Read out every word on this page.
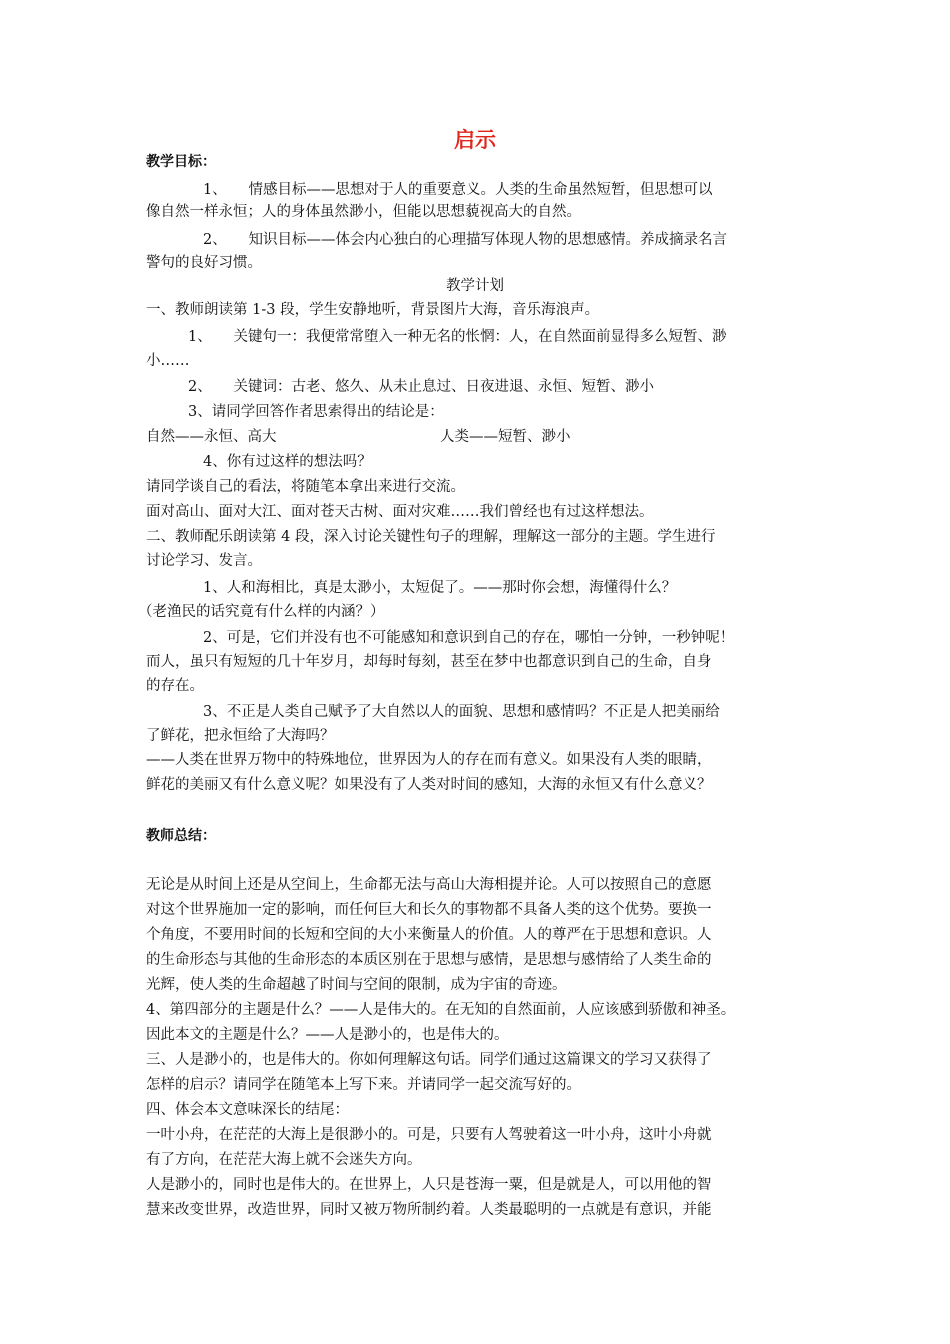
启示
教学目标：
1、　　情感目标——思想对于人的重要意义。人类的生命虽然短暂，但思想可以
像自然一样永恒；人的身体虽然渺小，但能以思想藐视高大的自然。
2、　　知识目标——体会内心独白的心理描写体现人物的思想感情。养成摘录名言
警句的良好习惯。
教学计划
一、教师朗读第 1-3 段，学生安静地听，背景图片大海，音乐海浪声。
1、　　关键句一：我便常常堕入一种无名的怅惘：人，在自然面前显得多么短暂、渺
小……
2、　　关键词：古老、悠久、从未止息过、日夜进退、永恒、短暂、渺小
3、请同学回答作者思索得出的结论是：
自然——永恒、高大	人类——短暂、渺小
4、你有过这样的想法吗？
请同学谈自己的看法，将随笔本拿出来进行交流。
面对高山、面对大江、面对苍天古树、面对灾难……我们曾经也有过这样想法。
二、教师配乐朗读第 4 段，深入讨论关键性句子的理解，理解这一部分的主题。学生进行
讨论学习、发言。
1、人和海相比，真是太渺小，太短促了。——那时你会想，海懂得什么？
（老渔民的话究竟有什么样的内涵？）
2、可是，它们并没有也不可能感知和意识到自己的存在，哪怕一分钟，一秒钟呢！
而人，虽只有短短的几十年岁月，却每时每刻，甚至在梦中也都意识到自己的生命，自身
的存在。
3、不正是人类自己赋予了大自然以人的面貌、思想和感情吗？不正是人把美丽给
了鲜花，把永恒给了大海吗？
——人类在世界万物中的特殊地位，世界因为人的存在而有意义。如果没有人类的眼睛，
鲜花的美丽又有什么意义呢？如果没有了人类对时间的感知，大海的永恒又有什么意义？
教师总结：
无论是从时间上还是从空间上，生命都无法与高山大海相提并论。人可以按照自己的意愿
对这个世界施加一定的影响，而任何巨大和长久的事物都不具备人类的这个优势。要换一
个角度，不要用时间的长短和空间的大小来衡量人的价值。人的尊严在于思想和意识。人
的生命形态与其他的生命形态的本质区别在于思想与感情，是思想与感情给了人类生命的
光辉，使人类的生命超越了时间与空间的限制，成为宇宙的奇迹。
4、第四部分的主题是什么？——人是伟大的。在无知的自然面前，人应该感到骄傲和神圣。
因此本文的主题是什么？——人是渺小的，也是伟大的。
三、人是渺小的，也是伟大的。你如何理解这句话。同学们通过这篇课文的学习又获得了
怎样的启示？请同学在随笔本上写下来。并请同学一起交流写好的。
四、体会本文意味深长的结尾：
一叶小舟，在茫茫的大海上是很渺小的。可是，只要有人驾驶着这一叶小舟，这叶小舟就
有了方向，在茫茫大海上就不会迷失方向。
人是渺小的，同时也是伟大的。在世界上，人只是苍海一粟，但是就是人，可以用他的智
慧来改变世界，改造世界，同时又被万物所制约着。人类最聪明的一点就是有意识，并能
